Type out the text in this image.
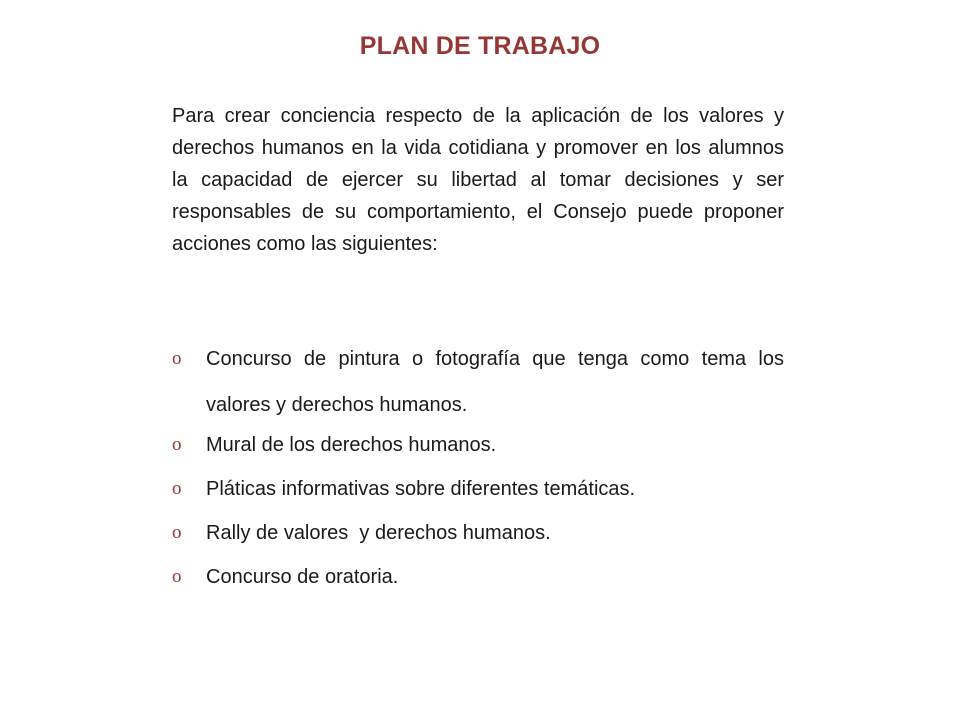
PLAN DE TRABAJO

Para crear conciencia respecto de la aplicación de los valores y derechos humanos en la vida cotidiana y promover en los alumnos la capacidad de ejercer su libertad al tomar decisiones y ser responsables de su comportamiento, el Consejo puede proponer acciones como las siguientes:

o Concurso de pintura o fotografía que tenga como tema los valores y derechos humanos.
o Mural de los derechos humanos.
o Pláticas informativas sobre diferentes temáticas.
o Rally de valores  y derechos humanos.
o Concurso de oratoria.
